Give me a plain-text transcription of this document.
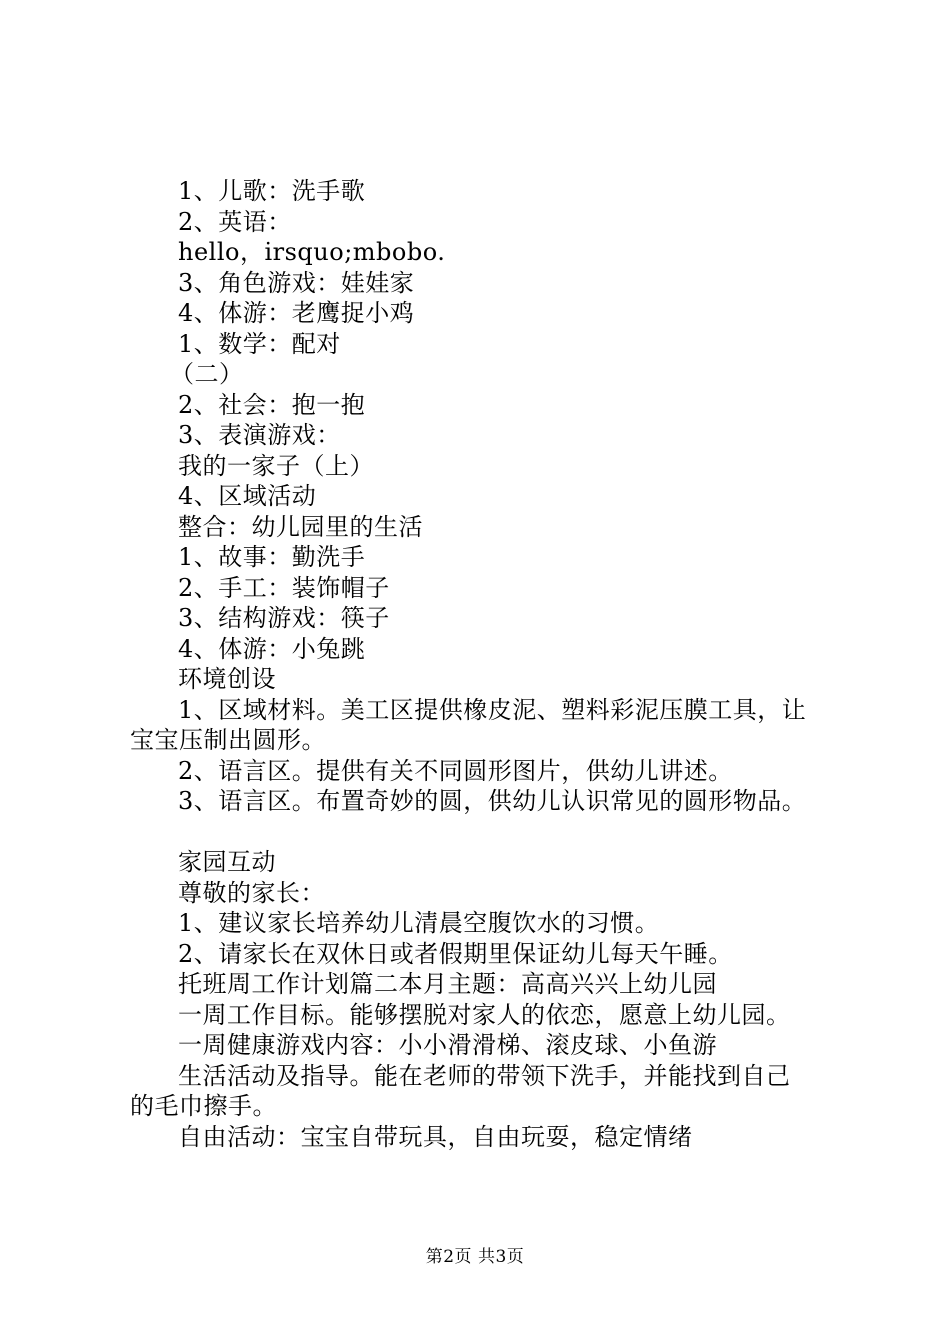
1、儿歌：洗手歌
2、英语：
hello，irsquo;mbobo.
3、角色游戏：娃娃家
4、体游：老鹰捉小鸡
1、数学：配对
（二）
2、社会：抱一抱
3、表演游戏：
我的一家子（上）
4、区域活动
整合：幼儿园里的生活
1、故事：勤洗手
2、手工：装饰帽子
3、结构游戏：筷子
4、体游：小兔跳
环境创设
1、区域材料。美工区提供橡皮泥、塑料彩泥压膜工具，让
宝宝压制出圆形。
2、语言区。提供有关不同圆形图片，供幼儿讲述。
3、语言区。布置奇妙的圆，供幼儿认识常见的圆形物品。
家园互动
尊敬的家长：
1、建议家长培养幼儿清晨空腹饮水的习惯。
2、请家长在双休日或者假期里保证幼儿每天午睡。
托班周工作计划篇二本月主题：高高兴兴上幼儿园
一周工作目标。能够摆脱对家人的依恋，愿意上幼儿园。
一周健康游戏内容：小小滑滑梯、滚皮球、小鱼游
生活活动及指导。能在老师的带领下洗手，并能找到自己
的毛巾擦手。
自由活动：宝宝自带玩具，自由玩耍，稳定情绪
第2页 共3页
